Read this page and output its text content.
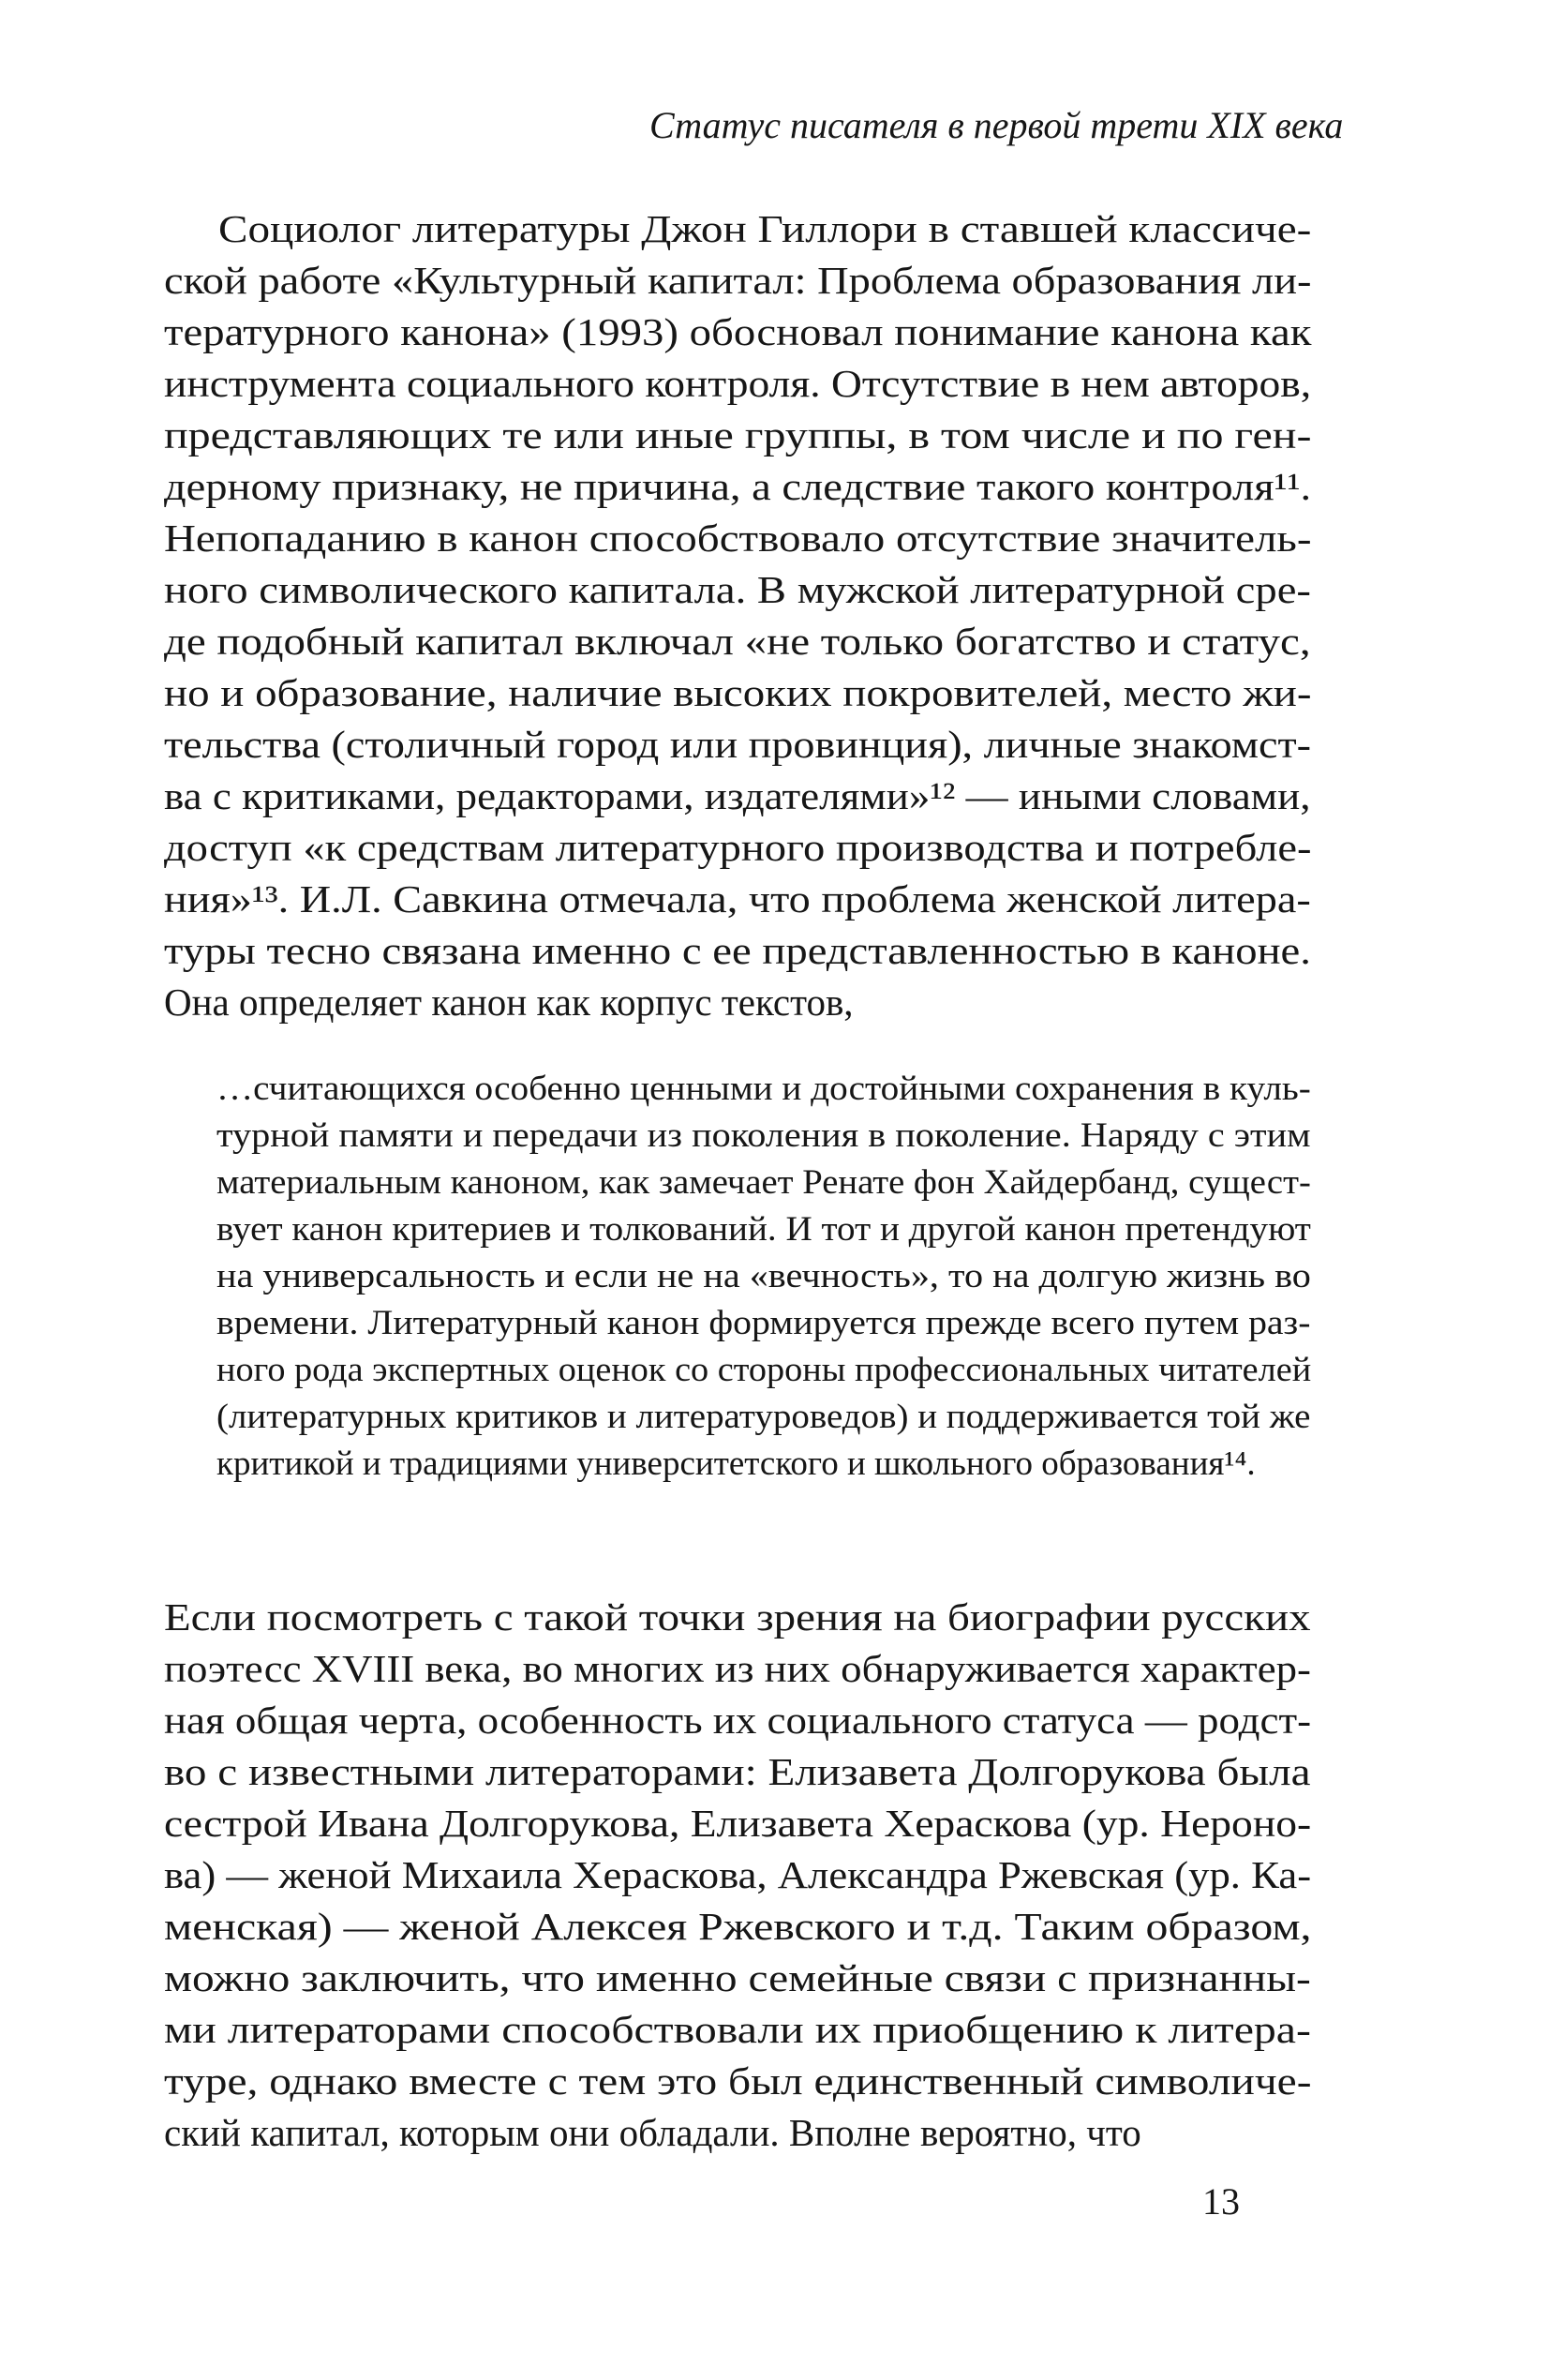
Статус писателя в первой трети XIX века
Социолог литературы Джон Гиллори в ставшей классиче-
ской работе «Культурный капитал: Проблема образования ли-
тературного канона» (1993) обосновал понимание канона как
инструмента социального контроля. Отсутствие в нем авторов,
представляющих те или иные группы, в том числе и по ген-
дерному признаку, не причина, а следствие такого контроля¹¹.
Непопаданию в канон способствовало отсутствие значитель-
ного символического капитала. В мужской литературной сре-
де подобный капитал включал «не только богатство и статус,
но и образование, наличие высоких покровителей, место жи-
тельства (столичный город или провинция), личные знакомст-
ва с критиками, редакторами, издателями»¹² — иными словами,
доступ «к средствам литературного производства и потребле-
ния»¹³. И.Л. Савкина отмечала, что проблема женской литера-
туры тесно связана именно с ее представленностью в каноне.
Она определяет канон как корпус текстов,
…считающихся особенно ценными и достойными сохранения в куль-
турной памяти и передачи из поколения в поколение. Наряду с этим
материальным каноном, как замечает Ренате фон Хайдербанд, сущест-
вует канон критериев и толкований. И тот и другой канон претендуют
на универсальность и если не на «вечность», то на долгую жизнь во
времени. Литературный канон формируется прежде всего путем раз-
ного рода экспертных оценок со стороны профессиональных читателей
(литературных критиков и литературоведов) и поддерживается той же
критикой и традициями университетского и школьного образования¹⁴.
Если посмотреть с такой точки зрения на биографии русских
поэтесс XVIII века, во многих из них обнаруживается характер-
ная общая черта, особенность их социального статуса — родст-
во с известными литераторами: Елизавета Долгорукова была
сестрой Ивана Долгорукова, Елизавета Хераскова (ур. Нероно-
ва) — женой Михаила Хераскова, Александра Ржевская (ур. Ка-
менская) — женой Алексея Ржевского и т.д. Таким образом,
можно заключить, что именно семейные связи с признанны-
ми литераторами способствовали их приобщению к литера-
туре, однако вместе с тем это был единственный символиче-
ский капитал, которым они обладали. Вполне вероятно, что
13
